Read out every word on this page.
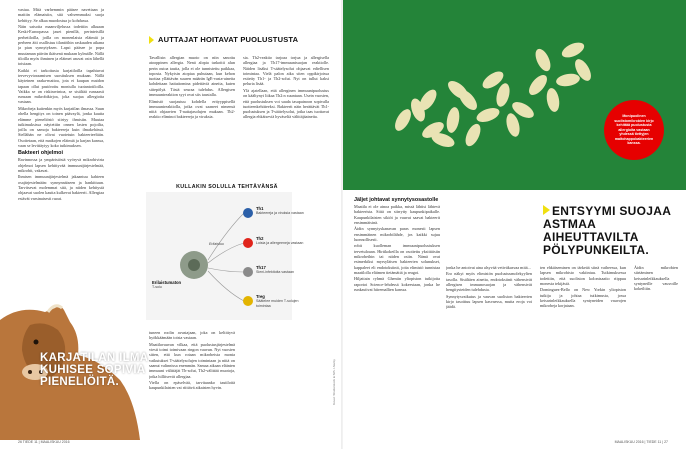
vastua. Mitä varhemmin pääsee navettaan ja maitiin elämaisiin, sitä vahvemmaksi suoja kehittyy. Se alkaa muodostua jo kohdussa.

Näin saisoita maanviljelussa todettiin alkuaan Keski-Euroopassa jauet pienillä, perinteisillä perhetiloilla, joilla on monenlaisia eläimiä ja perheen äiti osallistuu tilantöihin raskauden aikana ja pian synnytyksen. Lapsi pääsee jo popa muutaman päivän ikäisenä mukaan kylmälle. Nällä tiloilla myös ihminen ja eläimet asuvat osin lähellä toisiaan.

Kaikki ei tarkoitusta karjatiloilla tapahtuvat tervevyvtoraamisen suosituksen mukaan. Nällä käyteinen raaka-maitoa, jota ei kaupan maidon tapaan ollut pastöroitu moniulla tuotantotiloilla. Vaikka se on riskiravintoa, se sisältää runsaasti runsaan mikrobikirjoa, joka suojaa allergioita vastaan.

Mikrobeja kuitenkin myös karjatilan ilmassa. Suun ohella hengitys on toinen päävaylä, jonka kautta elämme pieneliöstö siirtyy ihmisiin. Muutaa tutkimuksissa näytettiin onnen lasten pojoilta, joilla on samoja bakteereja kuin ilmakehässä. Siellähän ne olivat vuotetuin bakteerieeltäin. Osoitetaan, että matkojen eläimiä ja karjan kanssa, vaan se levittäytyy koko tutkimuksen.

Bakteeri ohjelmoi

Ravinnossa ja ympäristöstä vyöryvä mikrobivirta ohjelmoi lapsen kehittyvää immuunijärjestelmää, mikrobit, vakavat.

Ihmisen immuunijärjestelmä jakaantuu kahteen osajärjestelmään: synnynnäiseen ja hankittuun. Tarvitsevat molemmat sitä, ja niiden kehitystä ohjaavat suolen kautta kulkevat bakteerit. Allergiaa estävät varsinaisesti ruoat.

AUTTAJAT HOITAVAT PUOLUSTUSTA

Tavallisin allergian muoto on niin sanottu atooppinen allergia. Nenä alopia tarkoitti alun perin outoa tautia, jolla ei ole tunnistettu paikkaa, toposta. Nykyisin atopiaa puhutaan, kun kehon tuottaa yllättävän suuren määrän IgE-vasta-aineita kohdettaan haitattomina pidettäviä aineita, kuten siitepölyä. Tästä seuraa tulehdus. Allergisen immuunireaktion syyt ovat siis taustalla.

Elimistö suojautuu kohdella erityyppisellä immuunireaktiolla, jotka ovat saaneet nimensä niitä ohjaavien T-auttajasolujen mukaan. Th2-reaktio eliminoi bakteereja ja viruksia.

sia. Th2-reaktio tarjoaa torjua ja allergisella allergiaa ja Th17-immuunisuojan reaktiolle. Näiden lisäksi T-säätelysolut ohjaavat ediellisen toimintaa. Vielä palon aika siten oppikirjoissa esitetty Th1- ja Th2-solut. Nyt on tullut kaksi peluria lisää.

Ylä ajatellaan, että allerginen immuunipuolustus on käältynyt liikaa Th2:n suuntaan. Usein vuosien, että puolustuksen voi saada tasapainoon sopivalla tuotteenkehitteeksi. Bakteerit näin herättävät Th1-puolustuksen ja T-säätelysolut, jotka taas tuottavat allergia ehkäiseviä hyväseliä välittäjäaineita.

KULLAKIN SOLULLA TEHTÄVÄNSÄ
Erilaistumaton
T-solu
Erilaistuu
Th1
Bakteereja ja viruksia vastaan
Th2
Loisia ja allergeeneja vastaan
Th17
Sieni-infektioita vastaan
Treg
Säätelee muiden T-solujen toimintaa

tuneen roolin avustajaan, joka on keltittyvä hyökkäämään toista vastaan.

Maatilavauvan vilkaa, että puolustusjärjestelmä viesti toimi toimivaan ringon vaavun. Nyt vuosien sitten, että kun rotaan mikrobeista monia vaikutukset T-säätelysolujen toimintaan ja niitä on saanut valinnissa enemmän. Samaa aikaan eläinten immuuni välittäjät Th-solut, Th2-välittää muotoja, jotka hillitsevät allergiaa.

Viella on epäselvää, tarvitaanko tautiloitä kaupunkilaisten vai riittävä aikaisten hyvin.

KARJATILAN ILMA KUHISEE SOPIVIA PIENELIÖITÄ.	Kuvat: Shutterstock & SPL / Alamy
26 TIEDE 11 | MAALISKUU 2016
Monipuolinen suolistomikrobien kirjo kehittää puolustusta allergioita vastaan yhdessä tiettyjen maitohappobakteerien kanssa.
ENTSYYMI SUOJAA ASTMAA AIHEUTTAVILTA PÖLYPUNKEILTA.
Jäljet johtavat synnytysosastolle

Maatila ei ole ainoa paikka, missä lähtisi lähtevä bakteerista. Siitä on siirrytty kaupunkipaikalle. Kaupunkilaisten sikiöt ja vauvat saavat bakteerit ensimmäisinä.

Äidin synnytyskanavan paras monesti lapsen ensimmäinen mikrobilähde, jos kaikki sujuu luonnollisesti.

robit kuolleman immuunipuolustuksen tervetuloaan. Hirtikokeilla on osoitettu yksittäisiin mikrobeihin tai niiden osiin. Nämä ovat esimerkiksi myrsyläisen bakteerien solunukset, kappaleet eli endotoksiinit, joita elimistö tunnistaa maatilolla eläimen tietämättä ja reagoi.

Hiljattain ryhmä Ghentin yliopiston tutkijoita raportoi Science-lehdessä kokeestaan, jonka he runkastivat hiiremallien kanssa.

jonka he antoivat aina alsyvää vetiväkasvaa mitä...

Ero näkyi myös elimistön puolustusmolekyylien tasolla. Sisältäen ainetta, endotoksiinit vähensivät allergisen immunosuojan ja vähensivät hengitysteiden tulehdusta.

Synnytysvaikutus ja vauvan suoliston bakteerien kirjo tasoittuu lapsen kasvaessa, mutta eroja voi jäädä.

ten ehkäiseminen on tärkeää siinä vaiheessa, kun lapsen mikrobisto vakiintuu. Tutkimuksessa todettiin, että suoliston kolonisaatio riippuu monesta tekijästä.

Dominguez-Bello on New Yorkin yliopiston tutkija ja johtaa tutkimusta, jossa keisarinleikkauksella syntyneiden vauvojen mikrobeja korjataan.

Äidin mikrobien siirtäminen keisarinleikkauksella syntyneille vauvoille kokeiltiin.

MAALISKUU 2016 | TIEDE 11 | 27
